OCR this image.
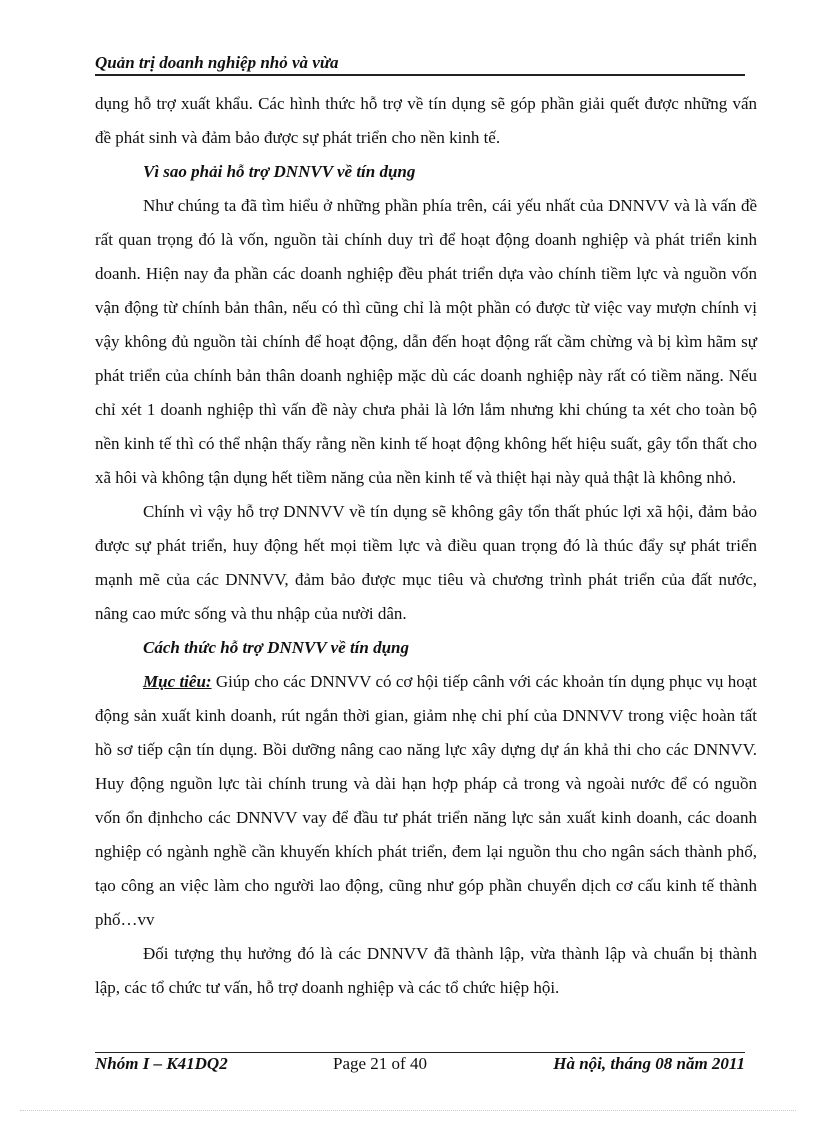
Quản trị doanh nghiệp nhỏ và vừa

dụng hỗ trợ xuất khẩu. Các hình thức hỗ trợ về tín dụng sẽ góp phần giải quết được những vấn đề phát sinh và đảm bảo được sự phát triển cho nền kinh tế.

Vì sao phải hỗ trợ DNNVV về tín dụng

Như chúng ta đã tìm hiểu ở những phần phía trên, cái yếu nhất của DNNVV và là vấn đề rất quan trọng đó là vốn, nguồn tài chính duy trì để hoạt động doanh nghiệp và phát triển kinh doanh. Hiện nay đa phần các doanh nghiệp đều phát triển dựa vào chính tiềm lực và nguồn vốn vận động từ chính bản thân, nếu có thì cũng chỉ là một phần có được từ việc vay mượn chính vị vậy không đủ nguồn tài chính để hoạt động, dẫn đến hoạt động rất cầm chừng và bị kìm hãm sự phát triển của chính bản thân doanh nghiệp mặc dù các doanh nghiệp này rất có tiềm năng. Nếu chỉ xét 1 doanh nghiệp thì vấn đề này chưa phải là lớn lắm nhưng khi chúng ta xét cho toàn bộ nền kinh tế thì có thể nhận thấy rằng nền kinh tế hoạt động không hết hiệu suất, gây tổn thất cho xã hôi và không tận dụng hết tiềm năng của nền kinh tế và thiệt hại này quả thật là không nhỏ.

Chính vì vậy hỗ trợ DNNVV về tín dụng sẽ không gây tổn thất phúc lợi xã hội, đảm bảo được sự phát triển, huy động hết mọi tiềm lực và điều quan trọng đó là thúc đẩy sự phát triển mạnh mẽ của các DNNVV, đảm bảo được mục tiêu và chương trình phát triển của đất nước, nâng cao mức sống và thu nhập của nười dân.

Cách thức hỗ trợ DNNVV về tín dụng

Mục tiêu: Giúp cho các DNNVV có cơ hội tiếp cânh với các khoản tín dụng phục vụ hoạt động sản xuất kinh doanh, rút ngắn thời gian, giảm nhẹ chi phí của DNNVV trong việc hoàn tất hồ sơ tiếp cận tín dụng. Bồi dưỡng nâng cao năng lực xây dựng dự án khả thi cho các DNNVV. Huy động nguồn lực tài chính trung và dài hạn hợp pháp cả trong và ngoài nước để có nguồn vốn ổn địnhcho các DNNVV vay để đầu tư phát triển năng lực sản xuất kinh doanh, các doanh nghiệp có ngành nghề cần khuyến khích phát triển, đem lại nguồn thu cho ngân sách thành phố, tạo công an việc làm cho người lao động, cũng như góp phần chuyển dịch cơ cấu kinh tế thành phố…vv

Đối tượng thụ hưởng đó là các DNNVV đã thành lập, vừa thành lập và chuẩn bị thành lập, các tổ chức tư vấn, hỗ trợ doanh nghiệp và các tổ chức hiệp hội.

Nhóm I – K41DQ2	Page 21 of 40	Hà nội, tháng 08 năm 2011
